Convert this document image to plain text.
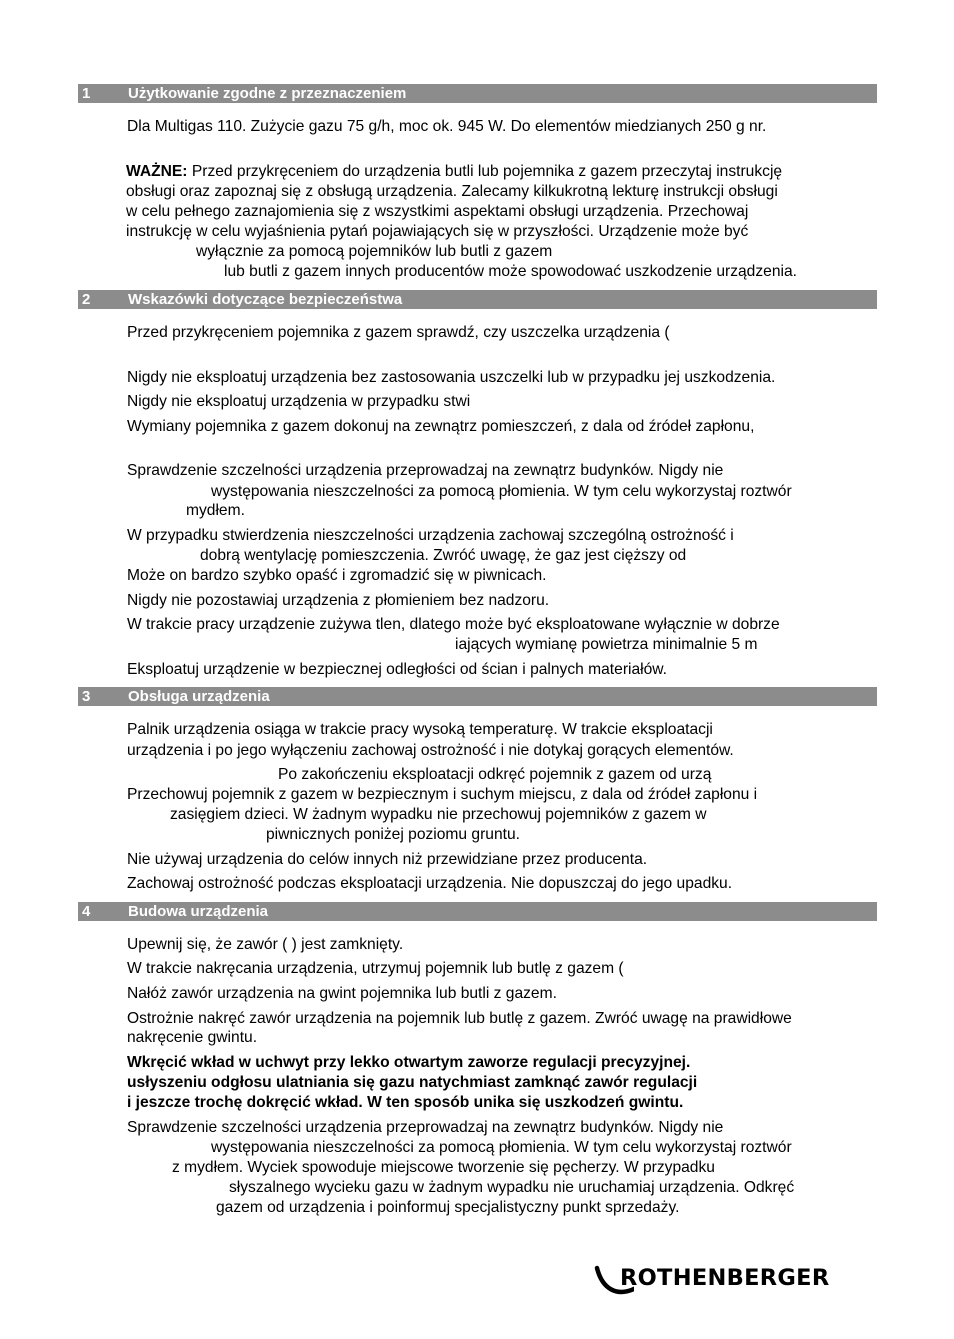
1	Użytkowanie zgodne z przeznaczeniem
Dla Multigas 110. Zużycie gazu 75 g/h, moc ok. 945 W. Do elementów miedzianych 250 g nr.
WAŻNE: Przed przykręceniem do urządzenia butli lub pojemnika z gazem przeczytaj instrukcję
obsługi oraz zapoznaj się z obsługą urządzenia. Zalecamy kilkukrotną lekturę instrukcji obsługi
w celu pełnego zaznajomienia się z wszystkimi aspektami obsługi urządzenia. Przechowaj
instrukcję w celu wyjaśnienia pytań pojawiających się w przyszłości. Urządzenie może być
wyłącznie za pomocą pojemników lub butli z gazem
lub butli z gazem innych producentów może spowodować uszkodzenie urządzenia.
2	Wskazówki dotyczące bezpieczeństwa
Przed przykręceniem pojemnika z gazem sprawdź, czy uszczelka urządzenia (
Nigdy nie eksploatuj urządzenia bez zastosowania uszczelki lub w przypadku jej uszkodzenia.
Nigdy nie eksploatuj urządzenia w przypadku stwi
Wymiany pojemnika z gazem dokonuj na zewnątrz pomieszczeń, z dala od źródeł zapłonu,
Sprawdzenie szczelności urządzenia przeprowadzaj na zewnątrz budynków. Nigdy nie
występowania nieszczelności za pomocą płomienia. W tym celu wykorzystaj roztwór
mydłem.
W przypadku stwierdzenia nieszczelności urządzenia zachowaj szczególną ostrożność i
dobrą wentylację pomieszczenia. Zwróć uwagę, że gaz jest cięższy od
Może on bardzo szybko opaść i zgromadzić się w piwnicach.
Nigdy nie pozostawiaj urządzenia z płomieniem bez nadzoru.
W trakcie pracy urządzenie zużywa tlen, dlatego może być eksploatowane wyłącznie w dobrze
iających wymianę powietrza minimalnie 5 m
Eksploatuj urządzenie w bezpiecznej odległości od ścian i palnych materiałów.
3	Obsługa urządzenia
Palnik urządzenia osiąga w trakcie pracy wysoką temperaturę. W trakcie eksploatacji
urządzenia i po jego wyłączeniu zachowaj ostrożność i nie dotykaj gorących elementów.
Po zakończeniu eksploatacji odkręć pojemnik z gazem od urzą
Przechowuj pojemnik z gazem w bezpiecznym i suchym miejscu, z dala od źródeł zapłonu i
zasięgiem dzieci. W żadnym wypadku nie przechowuj pojemników z gazem w
piwnicznych poniżej poziomu gruntu.
Nie używaj urządzenia do celów innych niż przewidziane przez producenta.
Zachowaj ostrożność podczas eksploatacji urządzenia. Nie dopuszczaj do jego upadku.
4	Budowa urządzenia
Upewnij się, że zawór ( ) jest zamknięty.
W trakcie nakręcania urządzenia, utrzymuj pojemnik lub butlę z gazem (
Nałóż zawór urządzenia na gwint pojemnika lub butli z gazem.
Ostrożnie nakręć zawór urządzenia na pojemnik lub butlę z gazem. Zwróć uwagę na prawidłowe
nakręcenie gwintu.
Wkręcić wkład w uchwyt przy lekko otwartym zaworze regulacji precyzyjnej.
usłyszeniu odgłosu ulatniania się gazu natychmiast zamknąć zawór regulacji
i jeszcze trochę dokręcić wkład. W ten sposób unika się uszkodzeń gwintu.
Sprawdzenie szczelności urządzenia przeprowadzaj na zewnątrz budynków. Nigdy nie
występowania nieszczelności za pomocą płomienia. W tym celu wykorzystaj roztwór
z mydłem. Wyciek spowoduje miejscowe tworzenie się pęcherzy. W przypadku
słyszalnego wycieku gazu w żadnym wypadku nie uruchamiaj urządzenia. Odkręć
gazem od urządzenia i poinformuj specjalistyczny punkt sprzedaży.
ROTHENBERGER
